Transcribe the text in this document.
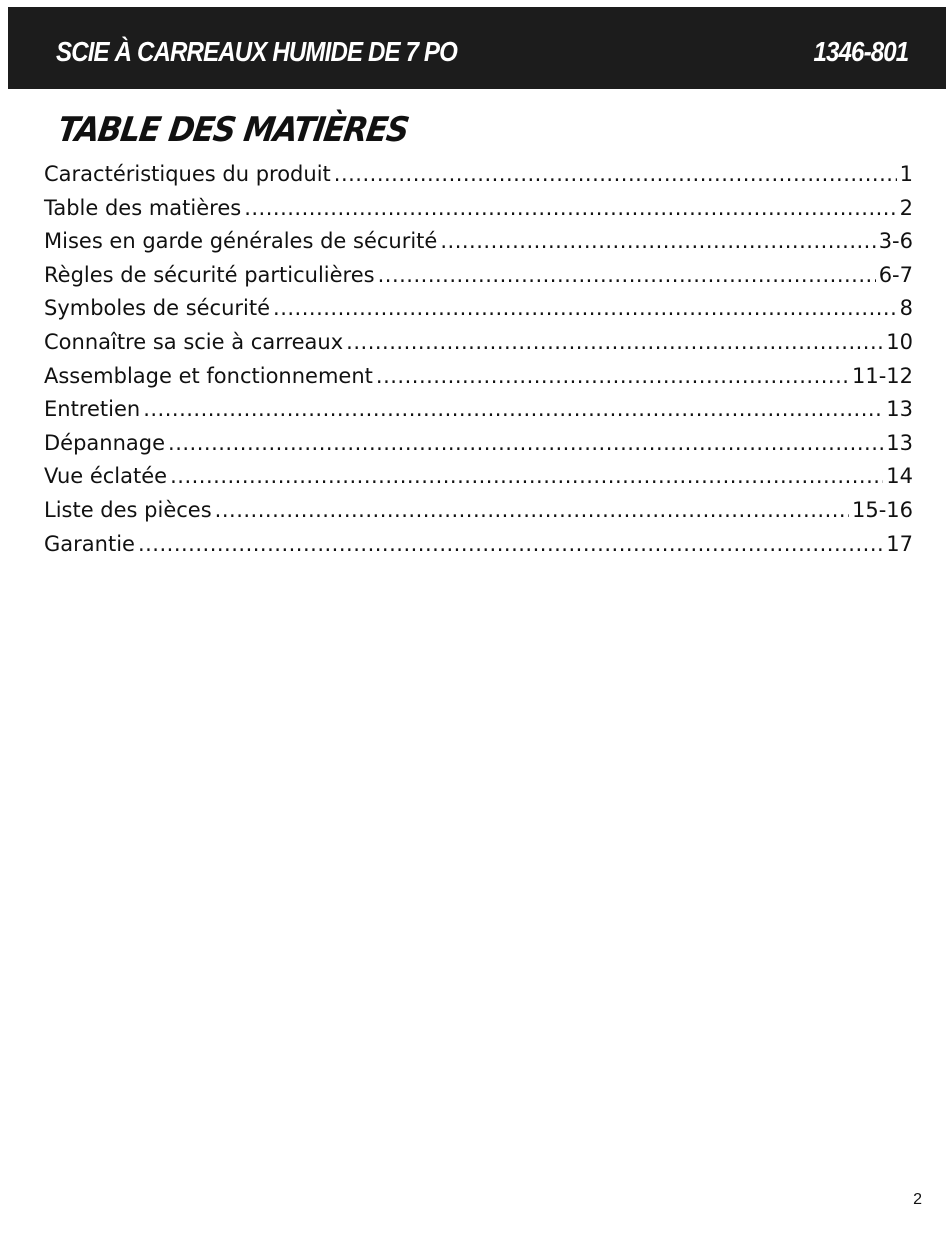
SCIE À CARREAUX HUMIDE DE 7 PO	1346-801
TABLE DES MATIÈRES
Caractéristiques du produit .....	1
Table des matières .....	2
Mises en garde générales de sécurité .....	3-6
Règles de sécurité particulières .....	6-7
Symboles de sécurité .....	8
Connaître sa scie à carreaux .....	10
Assemblage et fonctionnement .....	11-12
Entretien .....	13
Dépannage .....	13
Vue éclatée .....	14
Liste des pièces .....	15-16
Garantie .....	17
2
